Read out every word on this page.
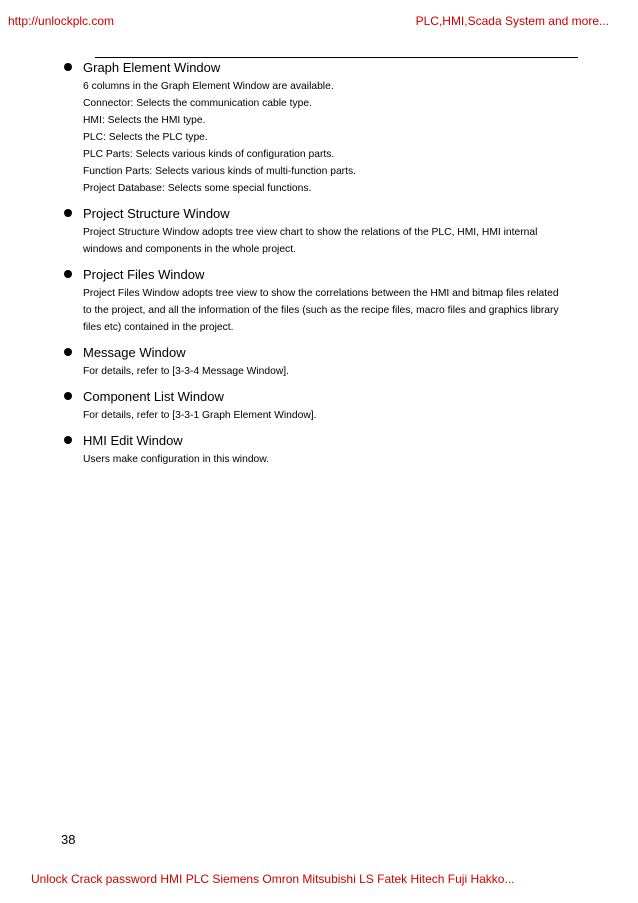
http://unlockplc.com	PLC,HMI,Scada System and more...
Graph Element Window
6 columns in the Graph Element Window are available.
Connector: Selects the communication cable type.
HMI: Selects the HMI type.
PLC: Selects the PLC type.
PLC Parts: Selects various kinds of configuration parts.
Function Parts: Selects various kinds of multi-function parts.
Project Database: Selects some special functions.
Project Structure Window
Project Structure Window adopts tree view chart to show the relations of the PLC, HMI, HMI internal
windows and components in the whole project.
Project Files Window
Project Files Window adopts tree view to show the correlations between the HMI and bitmap files related
to the project, and all the information of the files (such as the recipe files, macro files and graphics library
files etc) contained in the project.
Message Window
For details, refer to [3-3-4 Message Window].
Component List Window
For details, refer to [3-3-1 Graph Element Window].
HMI Edit Window
Users make configuration in this window.
38
Unlock Crack password HMI PLC Siemens Omron Mitsubishi LS Fatek Hitech Fuji Hakko...
